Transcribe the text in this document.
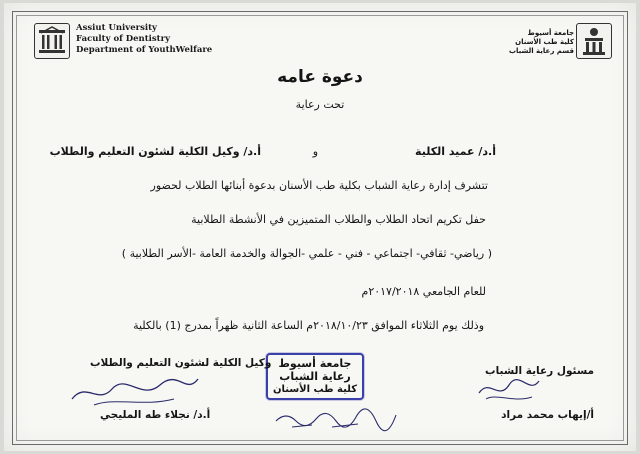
Assiut University
Faculty of Dentistry
Department of YouthWelfare
جامعة أسيوط
كلية طب الأسنان
قسم رعاية الشباب
دعوة عامه
تحت رعاية
أ.د/ عميد الكلية
و
أ.د/ وكيل الكلية لشئون التعليم والطلاب
تتشرف إدارة رعاية الشباب بكلية طب الأسنان بدعوة أبنائها الطلاب لحضور
حفل تكريم اتحاد الطلاب والطلاب المتميزين في الأنشطة الطلابية
( رياضي- ثقافي- اجتماعي - فني - علمي -الجوالة والخدمة العامة -الأسر الطلابية )
للعام الجامعي ٢٠١٧/٢٠١٨م
وذلك يوم الثلاثاء الموافق ٢٠١٨/١٠/٢٣م الساعة الثانية ظهراً بمدرج (1) بالكلية
مسئول رعاية الشباب
أ/إيهاب محمد مراد
جامعة أسيوط
رعاية الشباب
كلية طب الأسنان
وكيل الكلية لشئون التعليم والطلاب
أ.د/ نجلاء طه المليجي
